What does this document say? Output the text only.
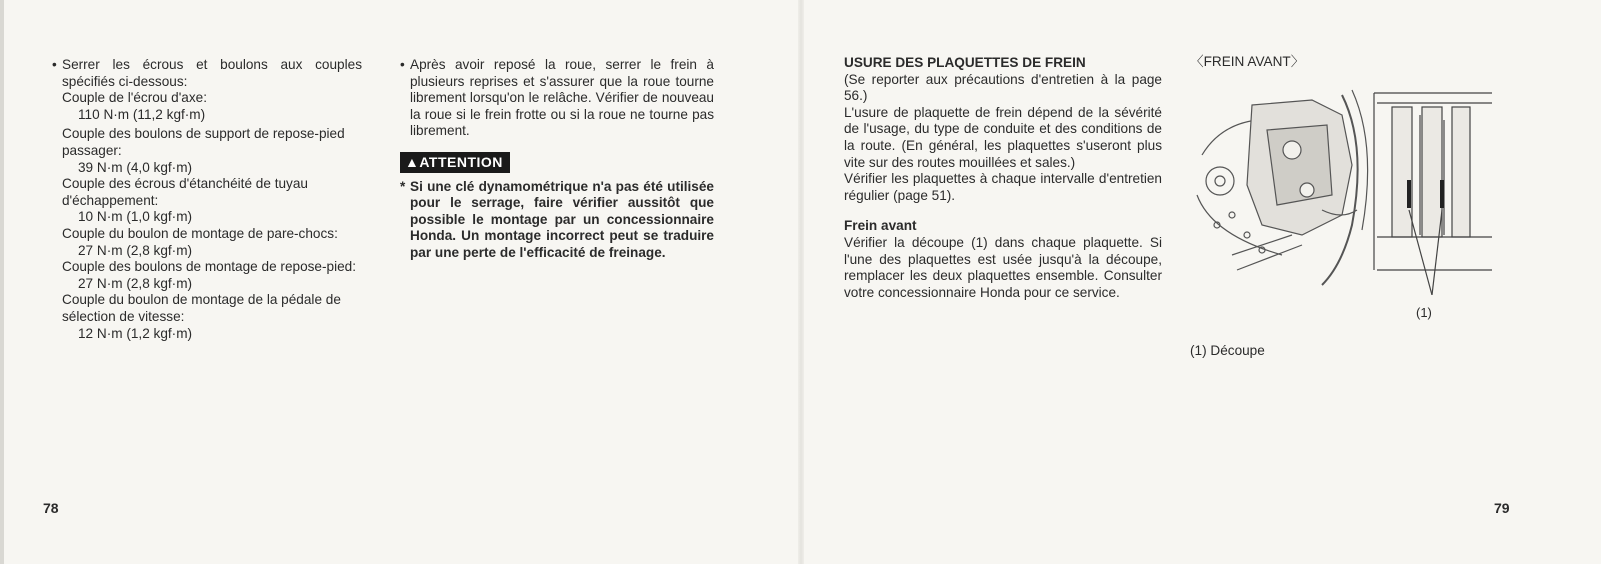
• Serrer les écrous et boulons aux couples spécifiés ci-dessous:

Couple de l'écrou d'axe:

110 N·m (11,2 kgf·m)

Couple des boulons de support de repose-pied passager:

39 N·m (4,0 kgf·m)

Couple des écrous d'étanchéité de tuyau d'échappement:

10 N·m (1,0 kgf·m)

Couple du boulon de montage de pare-chocs:

27 N·m (2,8 kgf·m)

Couple des boulons de montage de repose-pied:

27 N·m (2,8 kgf·m)

Couple du boulon de montage de la pédale de sélection de vitesse:

12 N·m (1,2 kgf·m)

• Après avoir reposé la roue, serrer le frein à plusieurs reprises et s'assurer que la roue tourne librement lorsqu'on le relâche. Vérifier de nouveau la roue si le frein frotte ou si la roue ne tourne pas librement.

▲ATTENTION

* Si une clé dynamométrique n'a pas été utilisée pour le serrage, faire vérifier aussitôt que possible le montage par un concessionnaire Honda. Un montage incorrect peut se traduire par une perte de l'efficacité de freinage.

78

USURE DES PLAQUETTES DE FREIN

(Se reporter aux précautions d'entretien à la page 56.)

L'usure de plaquette de frein dépend de la sévérité de l'usage, du type de conduite et des conditions de la route. (En général, les plaquettes s'useront plus vite sur des routes mouillées et sales.)

Vérifier les plaquettes à chaque intervalle d'entretien régulier (page 51).

Frein avant

Vérifier la découpe (1) dans chaque plaquette. Si l'une des plaquettes est usée jusqu'à la découpe, remplacer les deux plaquettes ensemble. Consulter votre concessionnaire Honda pour ce service.

〈FREIN AVANT〉
(1)
(1) Découpe
79
